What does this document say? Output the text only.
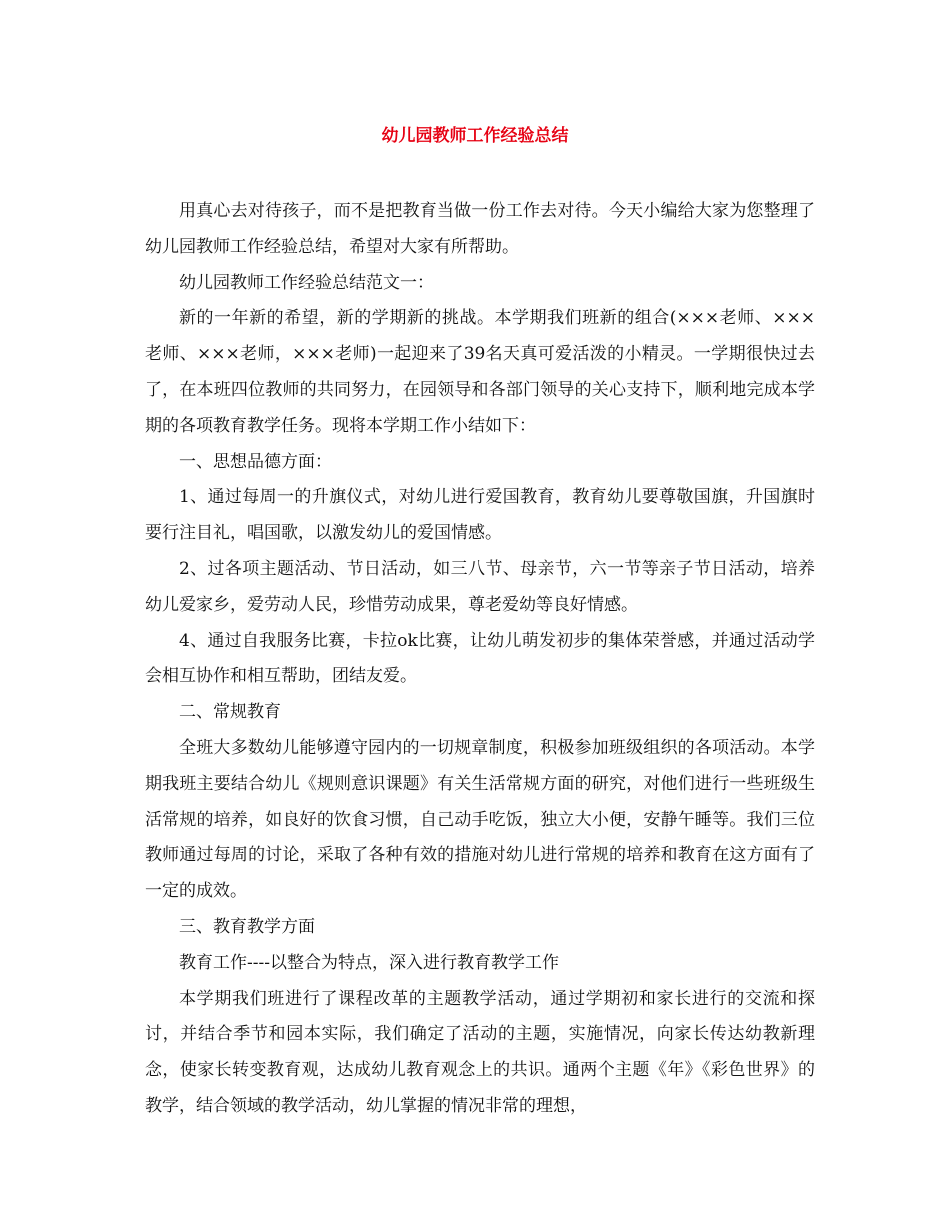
幼儿园教师工作经验总结

用真心去对待孩子，而不是把教育当做一份工作去对待。今天小编给大家为您整理了幼儿园教师工作经验总结，希望对大家有所帮助。

幼儿园教师工作经验总结范文一：

新的一年新的希望，新的学期新的挑战。本学期我们班新的组合(×××老师、×××老师、×××老师，×××老师)一起迎来了39名天真可爱活泼的小精灵。一学期很快过去了，在本班四位教师的共同努力，在园领导和各部门领导的关心支持下，顺利地完成本学期的各项教育教学任务。现将本学期工作小结如下：

一、思想品德方面：

1、通过每周一的升旗仪式，对幼儿进行爱国教育，教育幼儿要尊敬国旗，升国旗时要行注目礼，唱国歌，以激发幼儿的爱国情感。

2、过各项主题活动、节日活动，如三八节、母亲节，六一节等亲子节日活动，培养幼儿爱家乡，爱劳动人民，珍惜劳动成果，尊老爱幼等良好情感。

4、通过自我服务比赛，卡拉ok比赛，让幼儿萌发初步的集体荣誉感，并通过活动学会相互协作和相互帮助，团结友爱。

二、常规教育

全班大多数幼儿能够遵守园内的一切规章制度，积极参加班级组织的各项活动。本学期我班主要结合幼儿《规则意识课题》有关生活常规方面的研究，对他们进行一些班级生活常规的培养，如良好的饮食习惯，自己动手吃饭，独立大小便，安静午睡等。我们三位教师通过每周的讨论，采取了各种有效的措施对幼儿进行常规的培养和教育在这方面有了一定的成效。

三、教育教学方面

教育工作----以整合为特点，深入进行教育教学工作

本学期我们班进行了课程改革的主题教学活动，通过学期初和家长进行的交流和探讨，并结合季节和园本实际，我们确定了活动的主题，实施情况，向家长传达幼教新理念，使家长转变教育观，达成幼儿教育观念上的共识。通两个主题《年》《彩色世界》的教学，结合领域的教学活动，幼儿掌握的情况非常的理想，
